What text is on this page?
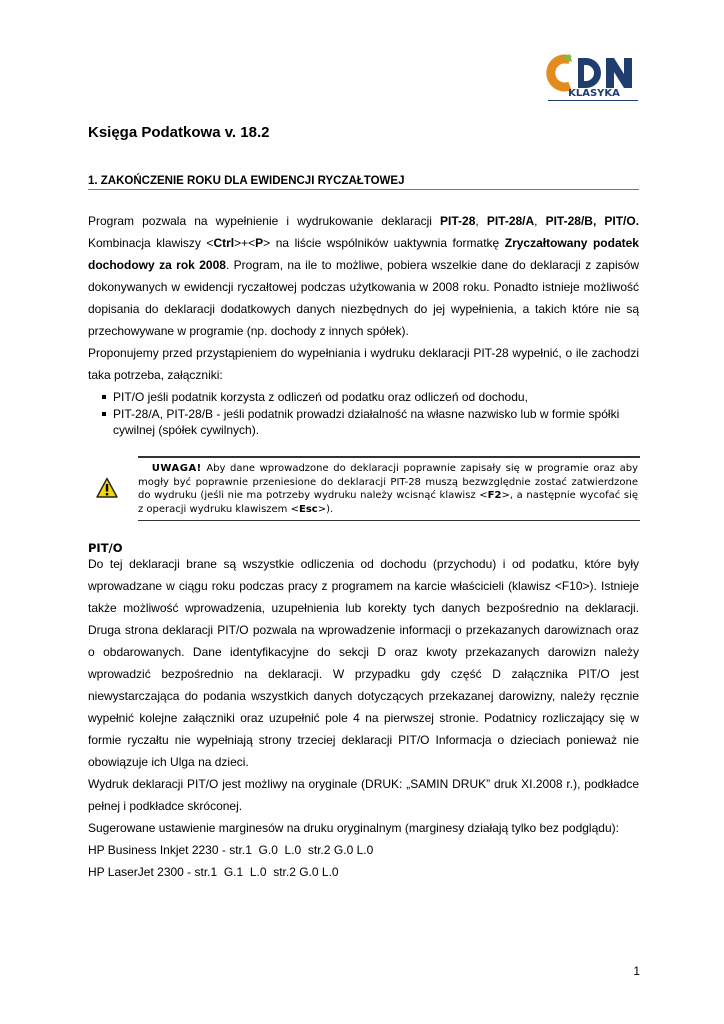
KLASYKA
Księga Podatkowa v. 18.2
1. ZAKOŃCZENIE ROKU DLA EWIDENCJI RYCZAŁTOWEJ

Program pozwala na wypełnienie i wydrukowanie deklaracji PIT-28, PIT-28/A, PIT-28/B, PIT/O. Kombinacja klawiszy <Ctrl>+<P> na liście wspólników uaktywnia formatkę Zryczałtowany podatek dochodowy za rok 2008. Program, na ile to możliwe, pobiera wszelkie dane do deklaracji z zapisów dokonywanych w ewidencji ryczałtowej podczas użytkowania w 2008 roku. Ponadto istnieje możliwość dopisania do deklaracji dodatkowych danych niezbędnych do jej wypełnienia, a takich które nie są przechowywane w programie (np. dochody z innych spółek).

Proponujemy przed przystąpieniem do wypełniania i wydruku deklaracji PIT-28 wypełnić, o ile zachodzi taka potrzeba, załączniki:

PIT/O jeśli podatnik korzysta z odliczeń od podatku oraz odliczeń od dochodu,
PIT-28/A, PIT-28/B - jeśli podatnik prowadzi działalność na własne nazwisko lub w formie spółki cywilnej (spółek cywilnych).

UWAGA! Aby dane wprowadzone do deklaracji poprawnie zapisały się w programie oraz aby mogły być poprawnie przeniesione do deklaracji PIT-28 muszą bezwzględnie zostać zatwierdzone do wydruku (jeśli nie ma potrzeby wydruku należy wcisnąć klawisz <F2>, a następnie wycofać się z operacji wydruku klawiszem <Esc>).

PIT/O

Do tej deklaracji brane są wszystkie odliczenia od dochodu (przychodu) i od podatku, które były wprowadzane w ciągu roku podczas pracy z programem na karcie właścicieli (klawisz <F10>). Istnieje także możliwość wprowadzenia, uzupełnienia lub korekty tych danych bezpośrednio na deklaracji. Druga strona deklaracji PIT/O pozwala na wprowadzenie informacji o przekazanych darowiznach oraz o obdarowanych. Dane identyfikacyjne do sekcji D oraz kwoty przekazanych darowizn należy wprowadzić bezpośrednio na deklaracji. W przypadku gdy część D załącznika PIT/O jest niewystarczająca do podania wszystkich danych dotyczących przekazanej darowizny, należy ręcznie wypełnić kolejne załączniki oraz uzupełnić pole 4 na pierwszej stronie. Podatnicy rozliczający się w formie ryczałtu nie wypełniają strony trzeciej deklaracji PIT/O Informacja o dzieciach ponieważ nie obowiązuje ich Ulga na dzieci.

Wydruk deklaracji PIT/O jest możliwy na oryginale (DRUK: „SAMIN DRUK” druk XI.2008 r.), podkładce pełnej i podkładce skróconej.

Sugerowane ustawienie marginesów na druku oryginalnym (marginesy działają tylko bez podglądu):

HP Business Inkjet 2230 - str.1  G.0  L.0  str.2 G.0 L.0

HP LaserJet 2300 - str.1  G.1  L.0  str.2 G.0 L.0

1
